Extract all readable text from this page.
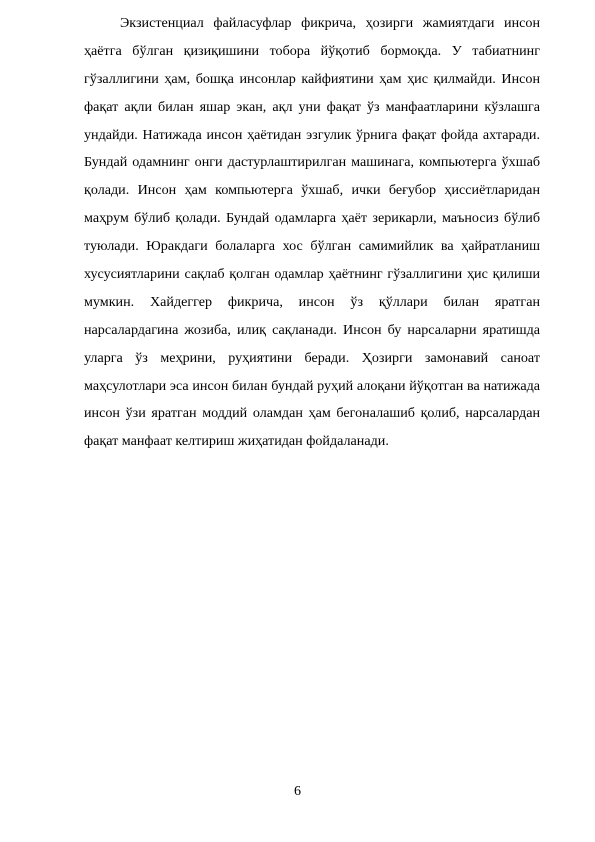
Экзистенциал файласуфлар фикрича, ҳозирги жамиятдаги инсон
ҳаётга бўлган қизиқишини тобора йўқотиб бормоқда. У табиатнинг
гўзаллигини ҳам, бошқа инсонлар кайфиятини ҳам ҳис қилмайди. Инсон
фақат ақли билан яшар экан, ақл уни фақат ўз манфаатларини кўзлашга
ундайди. Натижада инсон ҳаётидан эзгулик ўрнига фақат фойда ахтаради.
Бундай одамнинг онги дастурлаштирилган машинага, компьютерга ўхшаб
қолади. Инсон ҳам компьютерга ўхшаб, ички беғубор ҳиссиётларидан
маҳрум бўлиб қолади. Бундай одамларга ҳаёт зерикарли, маъносиз бўлиб
туюлади. Юракдаги болаларга хос бўлган самимийлик ва ҳайратланиш
хусусиятларини сақлаб қолган одамлар ҳаётнинг гўзаллигини ҳис қилиши
мумкин. Хайдеггер фикрича, инсон ўз қўллари билан яратган
нарсалардагина жозиба, илиқ сақланади. Инсон бу нарсаларни яратишда
уларга ўз меҳрини, руҳиятини беради. Ҳозирги замонавий саноат
маҳсулотлари эса инсон билан бундай руҳий алоқани йўқотган ва натижада
инсон ўзи яратган моддий оламдан ҳам бегоналашиб қолиб, нарсалардан
фақат манфаат келтириш жиҳатидан фойдаланади.
6
